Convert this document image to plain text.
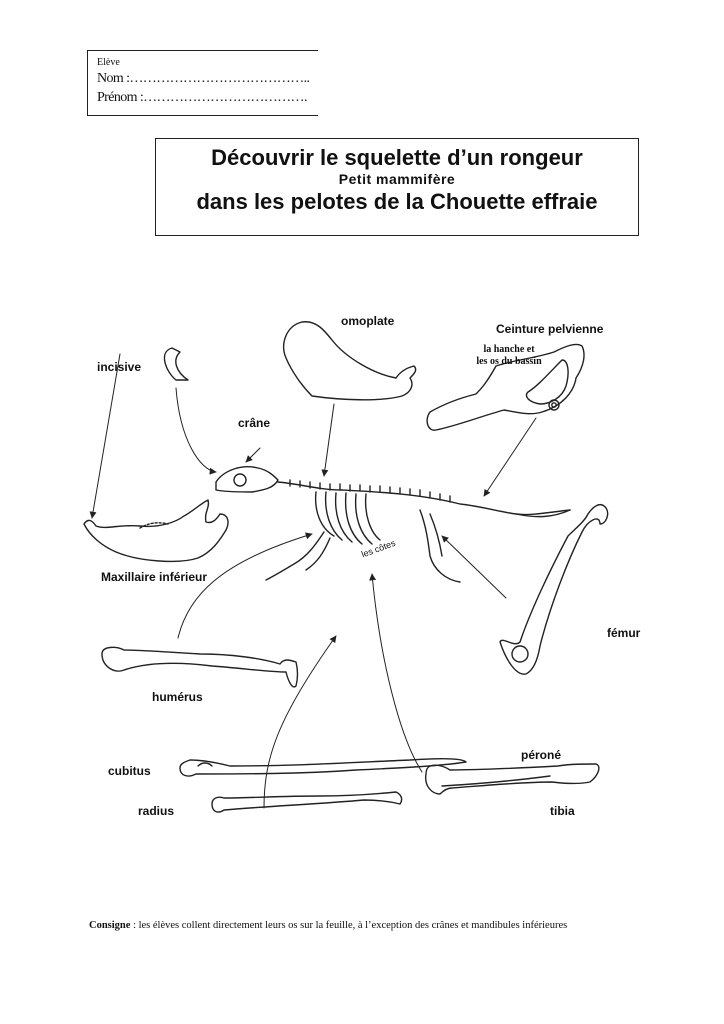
Elève
Nom :…………………………………..
Prénom :……………………………….
Découvrir le squelette d’un rongeur
Petit mammifère
dans les pelotes de la Chouette effraie
omoplate
Ceinture pelvienne
la hanche et
les os du bassin
incisive
crâne
les côtes
Maxillaire inférieur
fémur
humérus
péroné
cubitus
radius	tibia
Consigne : les élèves collent directement leurs os sur la feuille, à l’exception des crânes et mandibules inférieures
